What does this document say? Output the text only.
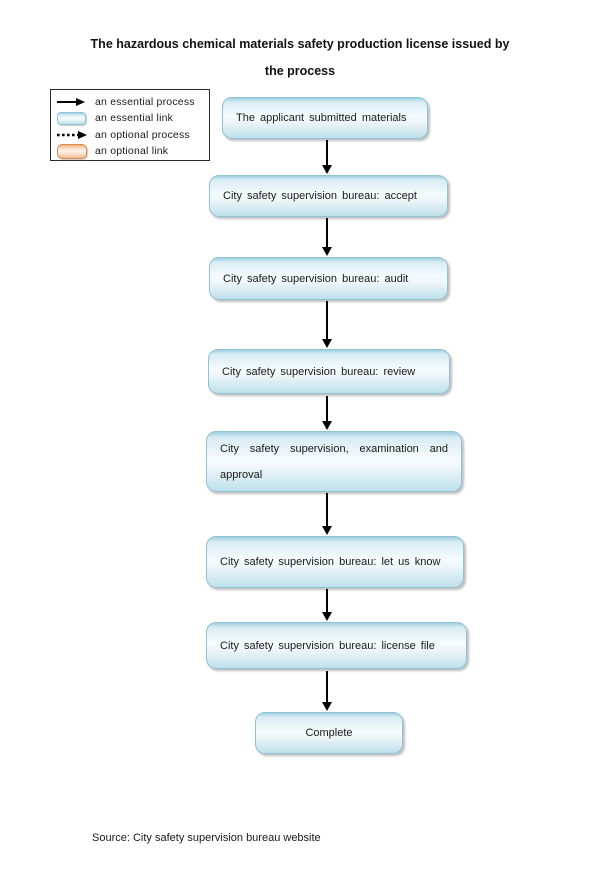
The hazardous chemical materials safety production license issued by
the process
an essential process
an essential link
an optional process
an optional link
The applicant submitted materials
City safety supervision bureau: accept
City safety supervision bureau: audit
City safety supervision bureau: review
City safety supervision, examination and approval
City safety supervision bureau: let us know
City safety supervision bureau: license file
Complete
Source: City safety supervision bureau website
